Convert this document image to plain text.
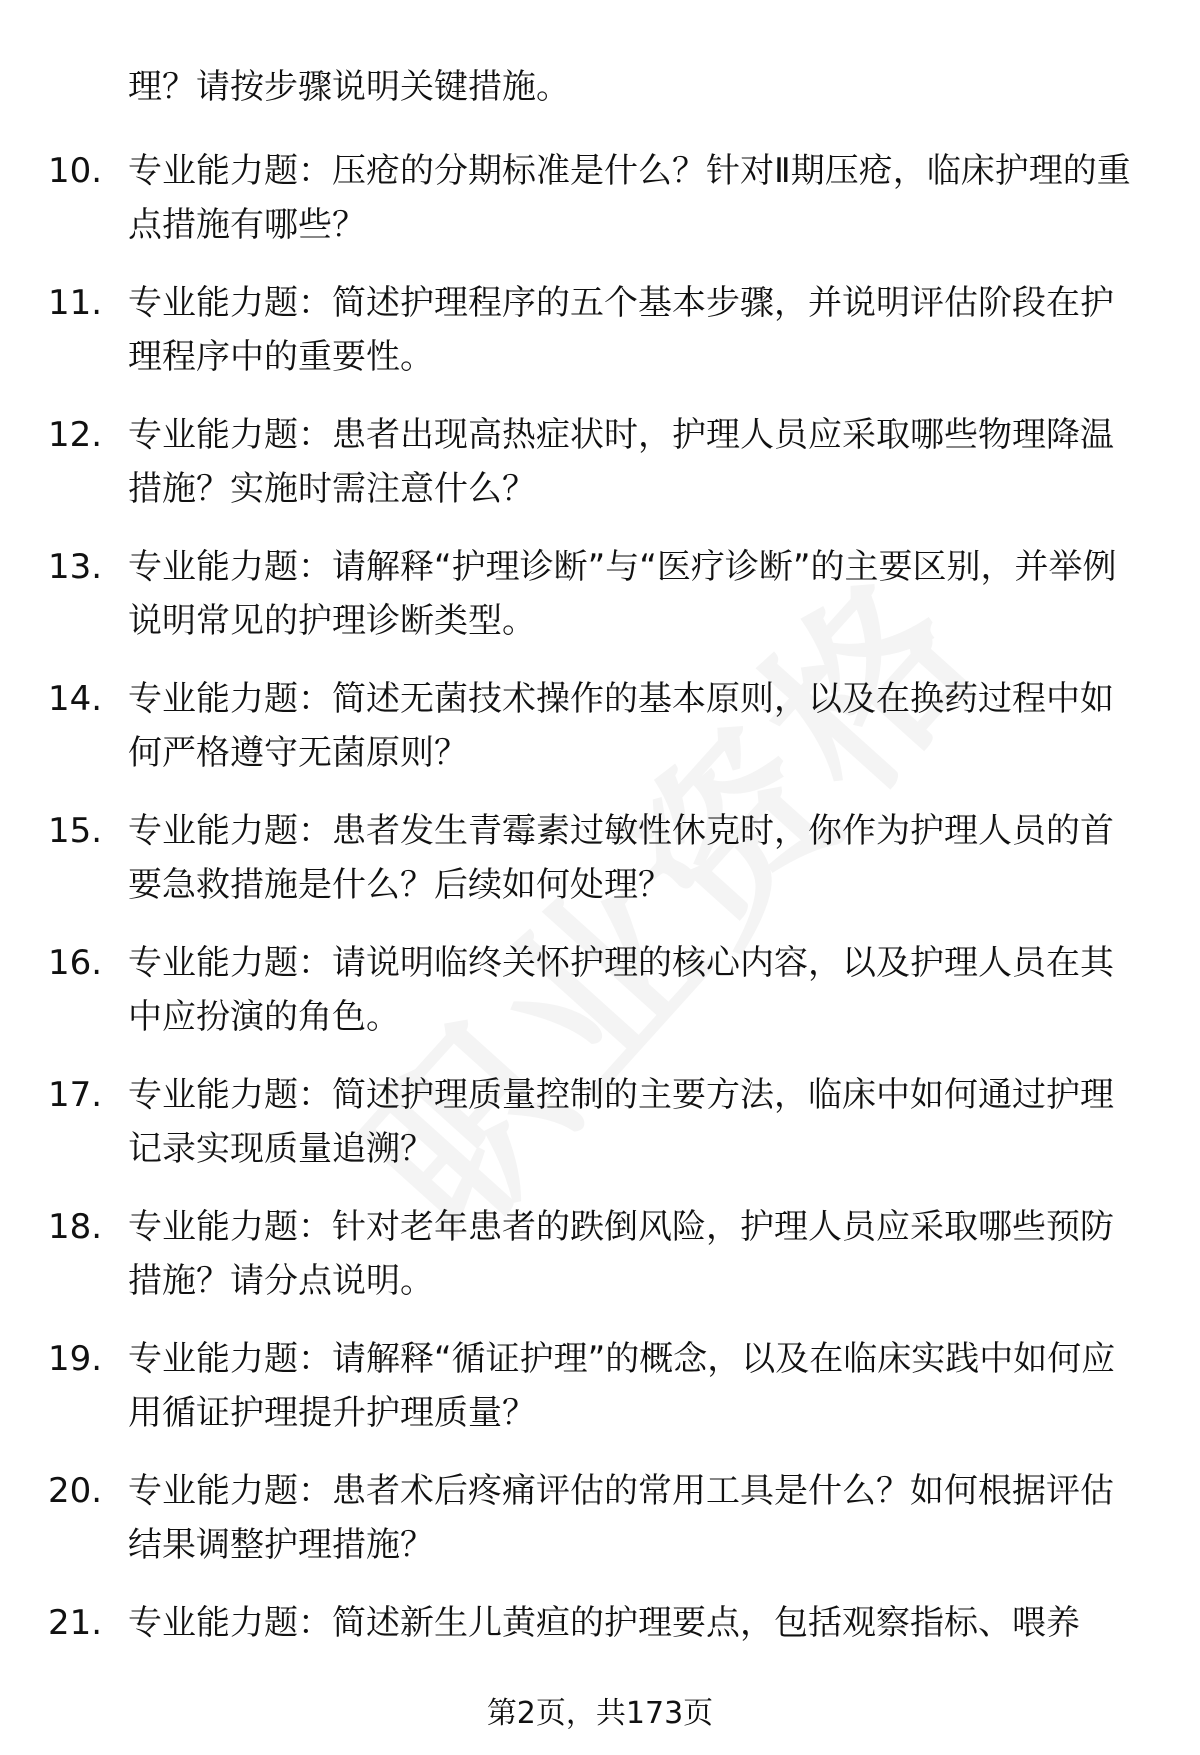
理？请按步骤说明关键措施。
10. 专业能力题：压疮的分期标准是什么？针对Ⅱ期压疮，临床护理的重点措施有哪些？
11. 专业能力题：简述护理程序的五个基本步骤，并说明评估阶段在护理程序中的重要性。
12. 专业能力题：患者出现高热症状时，护理人员应采取哪些物理降温措施？实施时需注意什么？
13. 专业能力题：请解释“护理诊断”与“医疗诊断”的主要区别，并举例说明常见的护理诊断类型。
14. 专业能力题：简述无菌技术操作的基本原则，以及在换药过程中如何严格遵守无菌原则？
15. 专业能力题：患者发生青霉素过敏性休克时，你作为护理人员的首要急救措施是什么？后续如何处理？
16. 专业能力题：请说明临终关怀护理的核心内容，以及护理人员在其中应扮演的角色。
17. 专业能力题：简述护理质量控制的主要方法，临床中如何通过护理记录实现质量追溯？
18. 专业能力题：针对老年患者的跌倒风险，护理人员应采取哪些预防措施？请分点说明。
19. 专业能力题：请解释“循证护理”的概念，以及在临床实践中如何应用循证护理提升护理质量？
20. 专业能力题：患者术后疼痛评估的常用工具是什么？如何根据评估结果调整护理措施？
21. 专业能力题：简述新生儿黄疸的护理要点，包括观察指标、喂养
第2页，共173页
